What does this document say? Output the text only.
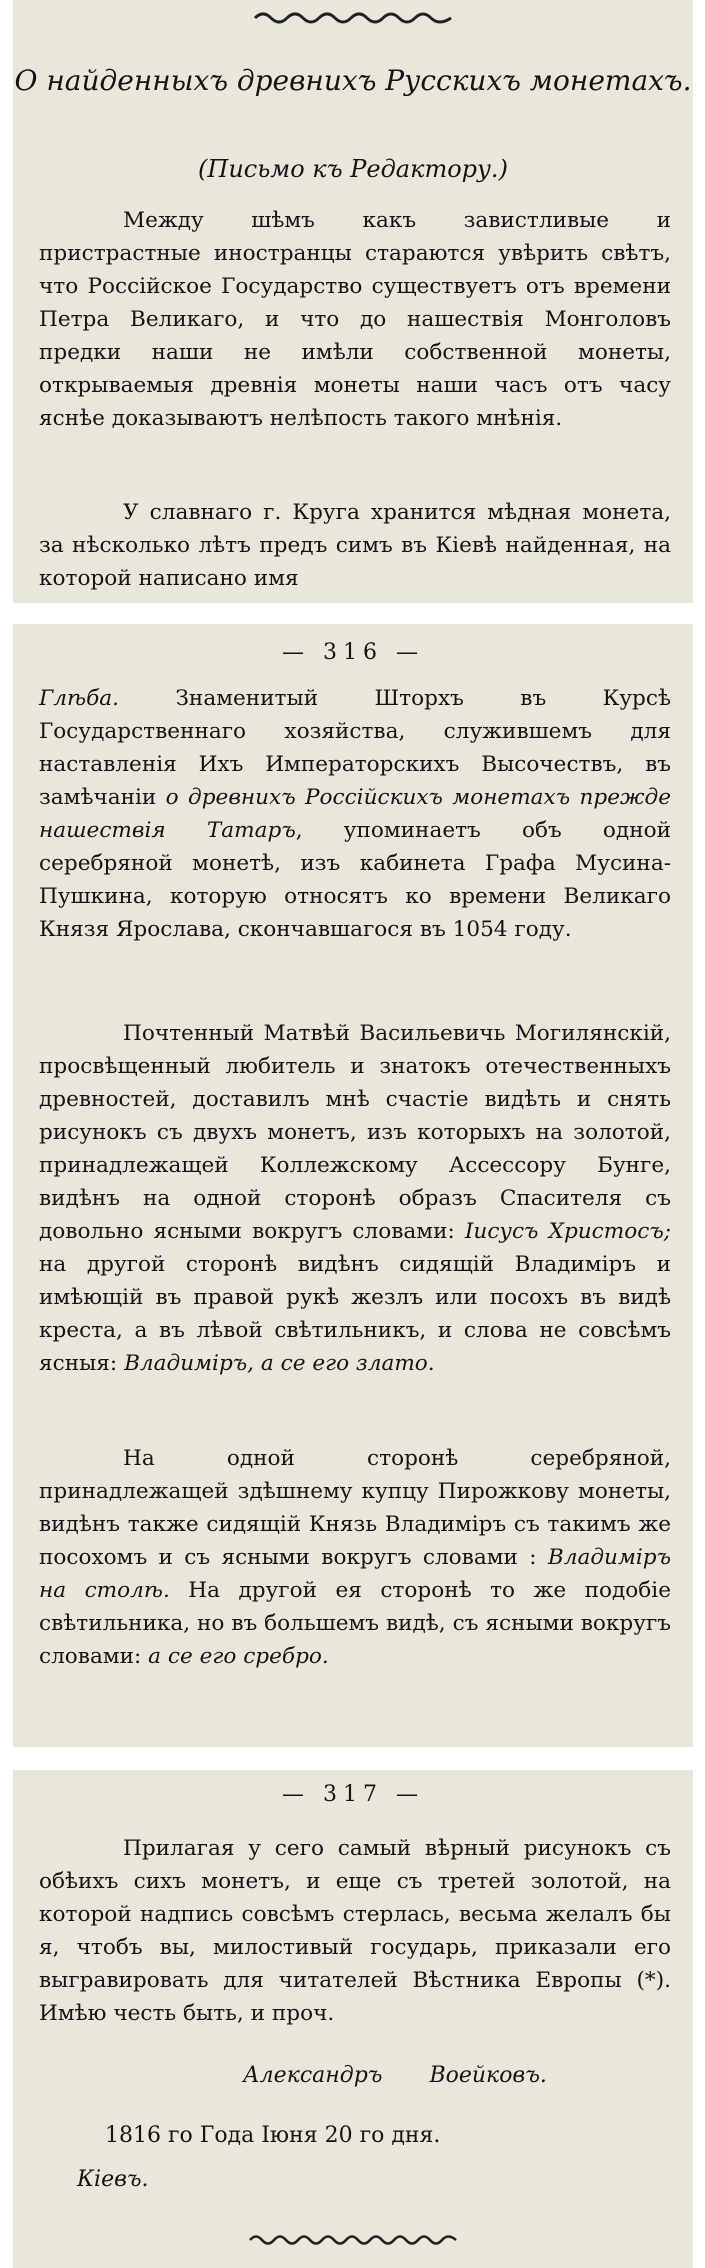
О найденныхъ древнихъ Русскихъ монетахъ.
(Письмо къ Редактору.)

Между шѣмъ какъ завистливые и пристрастные иностранцы стараются увѣрить свѣтъ, что Россійское Государство существуетъ отъ времени Петра Великаго, и что до нашествія Монголовъ предки наши не имѣли собственной монеты, открываемыя древнія монеты наши часъ отъ часу яснѣе доказываютъ нелѣпость такого мнѣнія.

У славнаго г. Круга хранится мѣдная монета, за нѣсколько лѣтъ предъ симъ въ Кіевѣ найденная, на которой написано имя

— 316 —

Глѣба. Знаменитый Шторхъ въ Курсѣ Государственнаго хозяйства, служившемъ для наставленія Ихъ Императорскихъ Высочествъ, въ замѣчаніи о древнихъ Россійскихъ монетахъ прежде нашествія Татаръ, упоминаетъ объ одной серебряной монетѣ, изъ кабинета Графа Мусина-Пушкина, которую относятъ ко времени Великаго Князя Ярослава, скончавшагося въ 1054 году.

Почтенный Матвѣй Васильевичь Могилянскій, просвѣщенный любитель и знатокъ отечественныхъ древностей, доставилъ мнѣ счастіе видѣть и снять рисунокъ съ двухъ монетъ, изъ которыхъ на золотой, принадлежащей Коллежскому Ассессору Бунге, видѣнъ на одной сторонѣ образъ Спасителя съ довольно ясными вокругъ словами: Іисусъ Христосъ; на другой сторонѣ видѣнъ сидящій Владиміръ и имѣющій въ правой рукѣ жезлъ или посохъ въ видѣ креста, а въ лѣвой свѣтильникъ, и слова не совсѣмъ ясныя: Владиміръ, а се его злато.

На одной сторонѣ серебряной, принадлежащей здѣшнему купцу Пирожкову монеты, видѣнъ также сидящій Князь Владиміръ съ такимъ же посохомъ и съ ясными вокругъ словами : Владиміръ на столѣ. На другой ея сторонѣ то же подобіе свѣтильника, но въ большемъ видѣ, съ ясными вокругъ словами: а се его сребро.

— 317 —

Прилагая у сего самый вѣрный рисунокъ съ обѣихъ сихъ монетъ, и еще съ третей золотой, на которой надпись совсѣмъ стерлась, весьма желалъ бы я, чтобъ вы, милостивый государь, приказали его выгравировать для читателей Вѣстника Европы (*). Имѣю честь быть, и проч.

Александръ Воейковъ.
1816 го Года Іюня 20 го дня.
Кіевъ.
